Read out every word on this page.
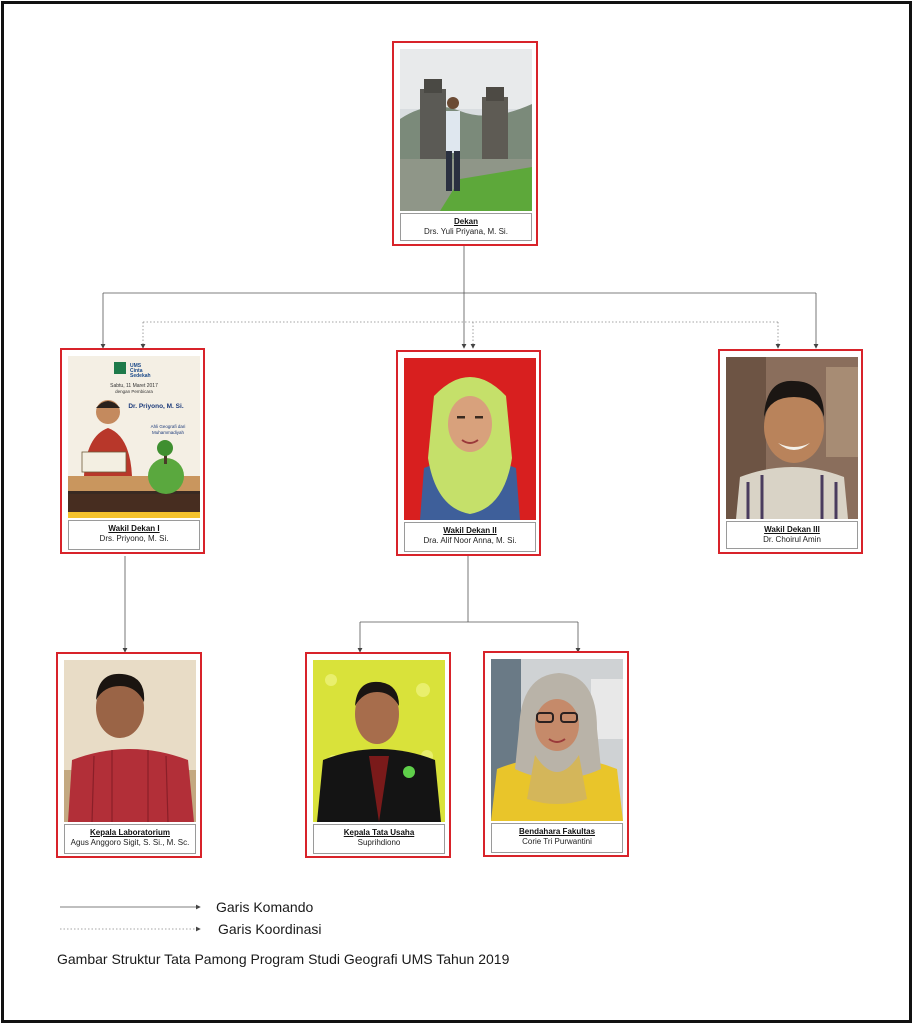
Dekan
Drs. Yuli Priyana, M. Si.
UMS
Cinta
Sedekah
Sabtu, 11 Maret 2017
dengan Pembicara
Dr. Priyono, M. Si.
Ahli Geografi dari
Muhammadiyah
Wakil Dekan I
Drs. Priyono, M. Si.
Wakil Dekan II
Dra. Alif Noor Anna, M. Si.
Wakil Dekan III
Dr. Choirul Amin
Kepala Laboratorium
Agus Anggoro Sigit, S. Si., M. Sc.
Kepala Tata Usaha
Suprihdiono
Bendahara Fakultas
Corie Tri Purwantini
Garis Komando
Garis Koordinasi
Gambar Struktur Tata Pamong Program Studi Geografi UMS Tahun 2019
